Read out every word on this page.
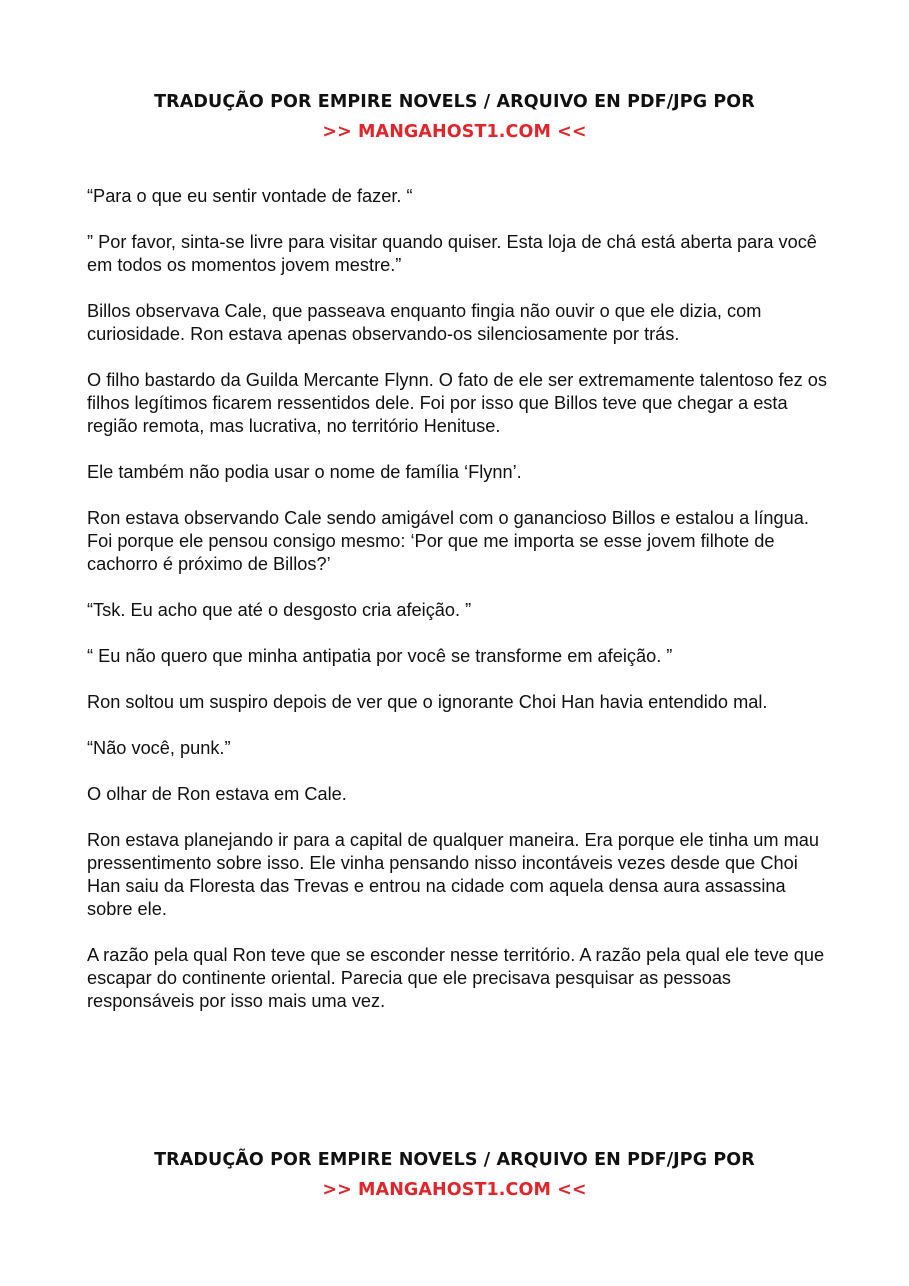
TRADUÇÃO POR EMPIRE NOVELS / ARQUIVO EN PDF/JPG POR
>> MANGAHOST1.COM <<

“Para o que eu sentir vontade de fazer. “

” Por favor, sinta-se livre para visitar quando quiser. Esta loja de chá está aberta para você em todos os momentos jovem mestre.”

Billos observava Cale, que passeava enquanto fingia não ouvir o que ele dizia, com curiosidade. Ron estava apenas observando-os silenciosamente por trás.

O filho bastardo da Guilda Mercante Flynn. O fato de ele ser extremamente talentoso fez os filhos legítimos ficarem ressentidos dele. Foi por isso que Billos teve que chegar a esta região remota, mas lucrativa, no território Henituse.

Ele também não podia usar o nome de família ‘Flynn’.

Ron estava observando Cale sendo amigável com o ganancioso Billos e estalou a língua. Foi porque ele pensou consigo mesmo: ‘Por que me importa se esse jovem filhote de cachorro é próximo de Billos?’

“Tsk. Eu acho que até o desgosto cria afeição. ”

“ Eu não quero que minha antipatia por você se transforme em afeição. ”

Ron soltou um suspiro depois de ver que o ignorante Choi Han havia entendido mal.

“Não você, punk.”

O olhar de Ron estava em Cale.

Ron estava planejando ir para a capital de qualquer maneira. Era porque ele tinha um mau pressentimento sobre isso. Ele vinha pensando nisso incontáveis vezes desde que Choi Han saiu da Floresta das Trevas e entrou na cidade com aquela densa aura assassina sobre ele.

A razão pela qual Ron teve que se esconder nesse território. A razão pela qual ele teve que escapar do continente oriental. Parecia que ele precisava pesquisar as pessoas responsáveis por isso mais uma vez.

TRADUÇÃO POR EMPIRE NOVELS / ARQUIVO EN PDF/JPG POR
>> MANGAHOST1.COM <<
